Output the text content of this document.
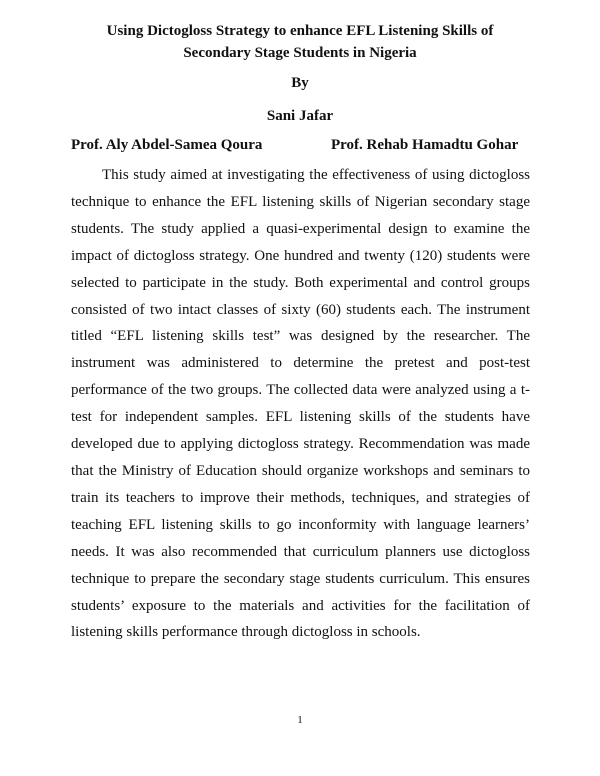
Using Dictogloss Strategy to enhance EFL Listening Skills of
Secondary Stage Students in Nigeria

By

Sani Jafar

Prof. Aly Abdel-Samea Qoura	Prof. Rehab Hamadtu Gohar

This study aimed at investigating the effectiveness of using dictogloss technique to enhance the EFL listening skills of Nigerian secondary stage students. The study applied a quasi-experimental design to examine the impact of dictogloss strategy. One hundred and twenty (120) students were selected to participate in the study. Both experimental and control groups consisted of two intact classes of sixty (60) students each. The instrument titled “EFL listening skills test” was designed by the researcher. The instrument was administered to determine the pretest and post-test performance of the two groups. The collected data were analyzed using a t-test for independent samples. EFL listening skills of the students have developed due to applying dictogloss strategy. Recommendation was made that the Ministry of Education should organize workshops and seminars to train its teachers to improve their methods, techniques, and strategies of teaching EFL listening skills to go inconformity with language learners’ needs. It was also recommended that curriculum planners use dictogloss technique to prepare the secondary stage students curriculum. This ensures students’ exposure to the materials and activities for the facilitation of listening skills performance through dictogloss in schools.

1
